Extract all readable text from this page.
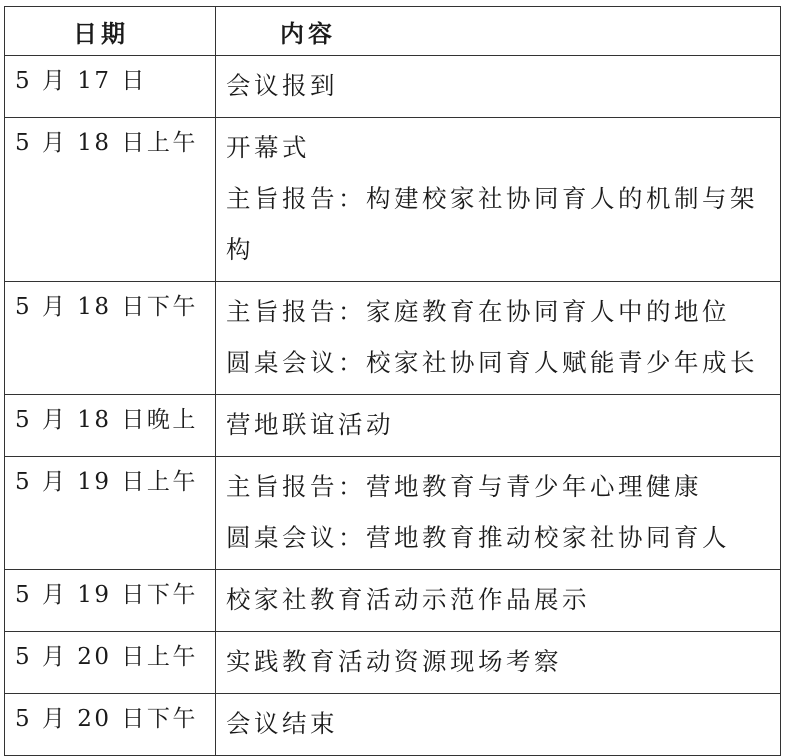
日期	内容
5 月 17 日	会议报到

5 月 18 日上午	开幕式
主旨报告：构建校家社协同育人的机制与架构

5 月 18 日下午	主旨报告：家庭教育在协同育人中的地位
圆桌会议：校家社协同育人赋能青少年成长

5 月 18 日晚上	营地联谊活动

5 月 19 日上午	主旨报告：营地教育与青少年心理健康
圆桌会议：营地教育推动校家社协同育人

5 月 19 日下午	校家社教育活动示范作品展示

5 月 20 日上午	实践教育活动资源现场考察

5 月 20 日下午	会议结束
